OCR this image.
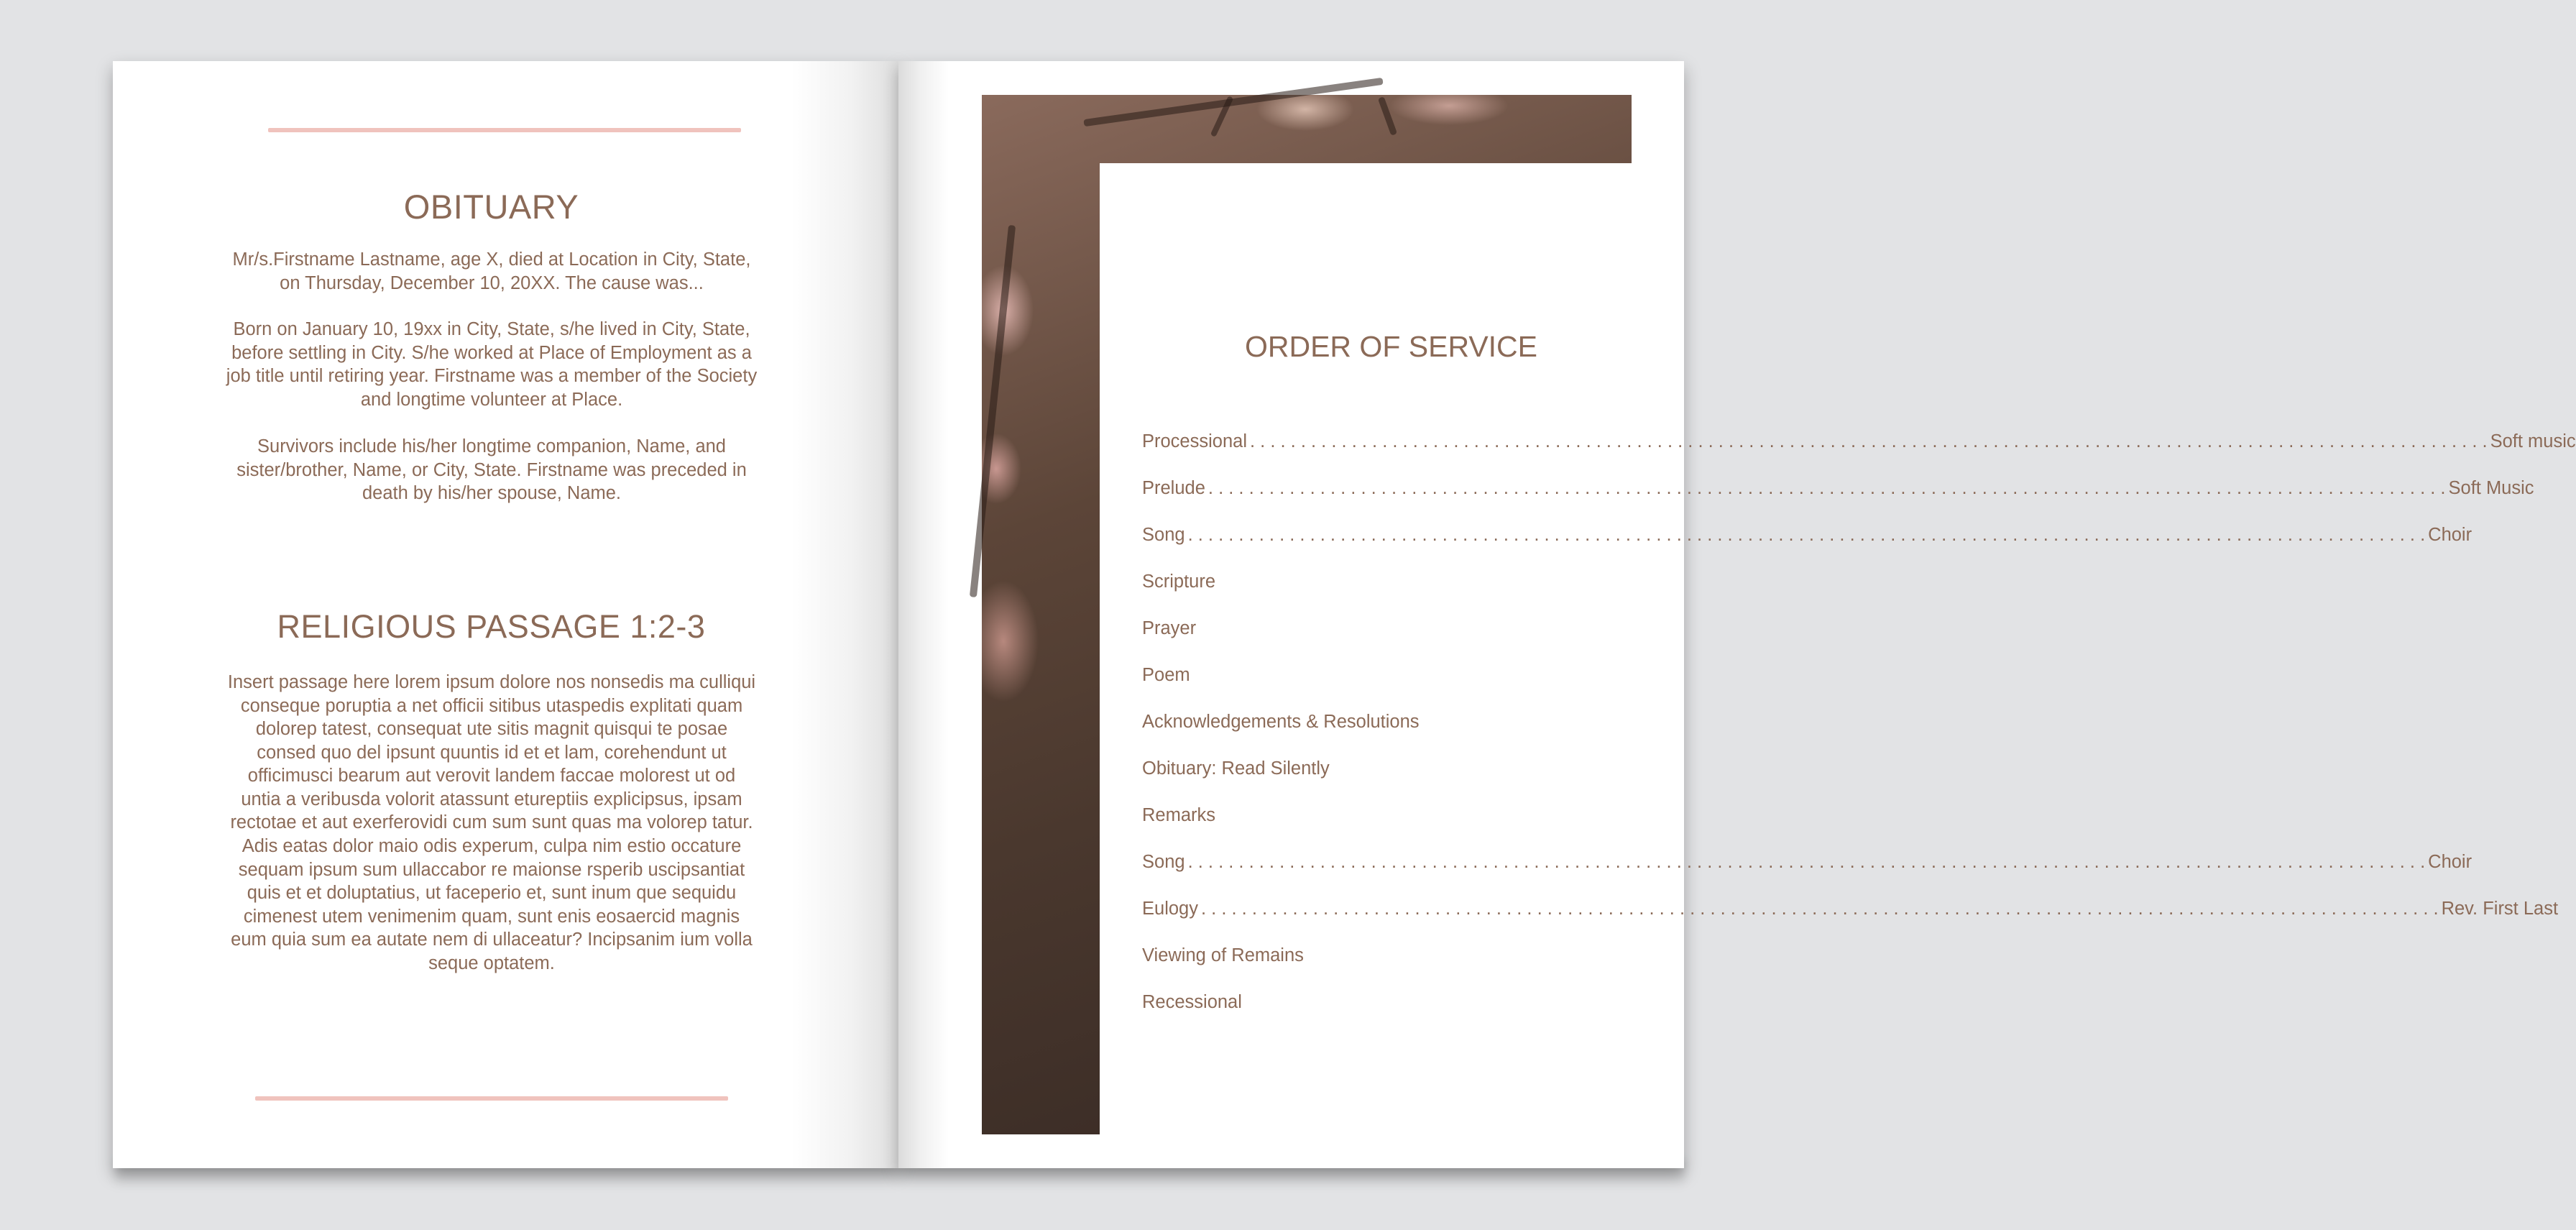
OBITUARY

Mr/s.Firstname Lastname, age X, died at Location in City, State, on Thursday, December 10, 20XX. The cause was...

Born on January 10, 19xx in City, State, s/he lived in City, State, before settling in City. S/he worked at Place of Employment as a job title until retiring year. Firstname was a member of the Society and longtime volunteer at Place.

Survivors include his/her longtime companion, Name, and sister/brother, Name, or City, State. Firstname was preceded in death by his/her spouse, Name.

RELIGIOUS PASSAGE 1:2-3

Insert passage here lorem ipsum dolore nos nonsedis ma culliqui conseque poruptia a net officii sitibus utaspedis explitati quam dolorep tatest, consequat ute sitis magnit quisqui te posae consed quo del ipsunt quuntis id et et lam, corehendunt ut officimusci bearum aut verovit landem faccae molorest ut od untia a veribusda volorit atassunt etureptiis explicipsus, ipsam rectotae et aut exerferovidi cum sum sunt quas ma volorep tatur.

Adis eatas dolor maio odis experum, culpa nim estio occature sequam ipsum sum ullaccabor re maionse rsperib uscipsantiat quis et et doluptatius, ut faceperio et, sunt inum que sequidu cimenest utem venimenim quam, sunt enis eosaercid magnis eum quia sum ea autate nem di ullaceatur? Incipsanim ium volla seque optatem.

ORDER OF SERVICE
Processional . . .	Soft music
Prelude . . .	Soft Music
Song . . .	Choir
Scripture
Prayer
Poem
Acknowledgements & Resolutions
Obituary: Read Silently
Remarks
Song . . .	Choir
Eulogy . . .	Rev. First Last
Viewing of Remains
Recessional
